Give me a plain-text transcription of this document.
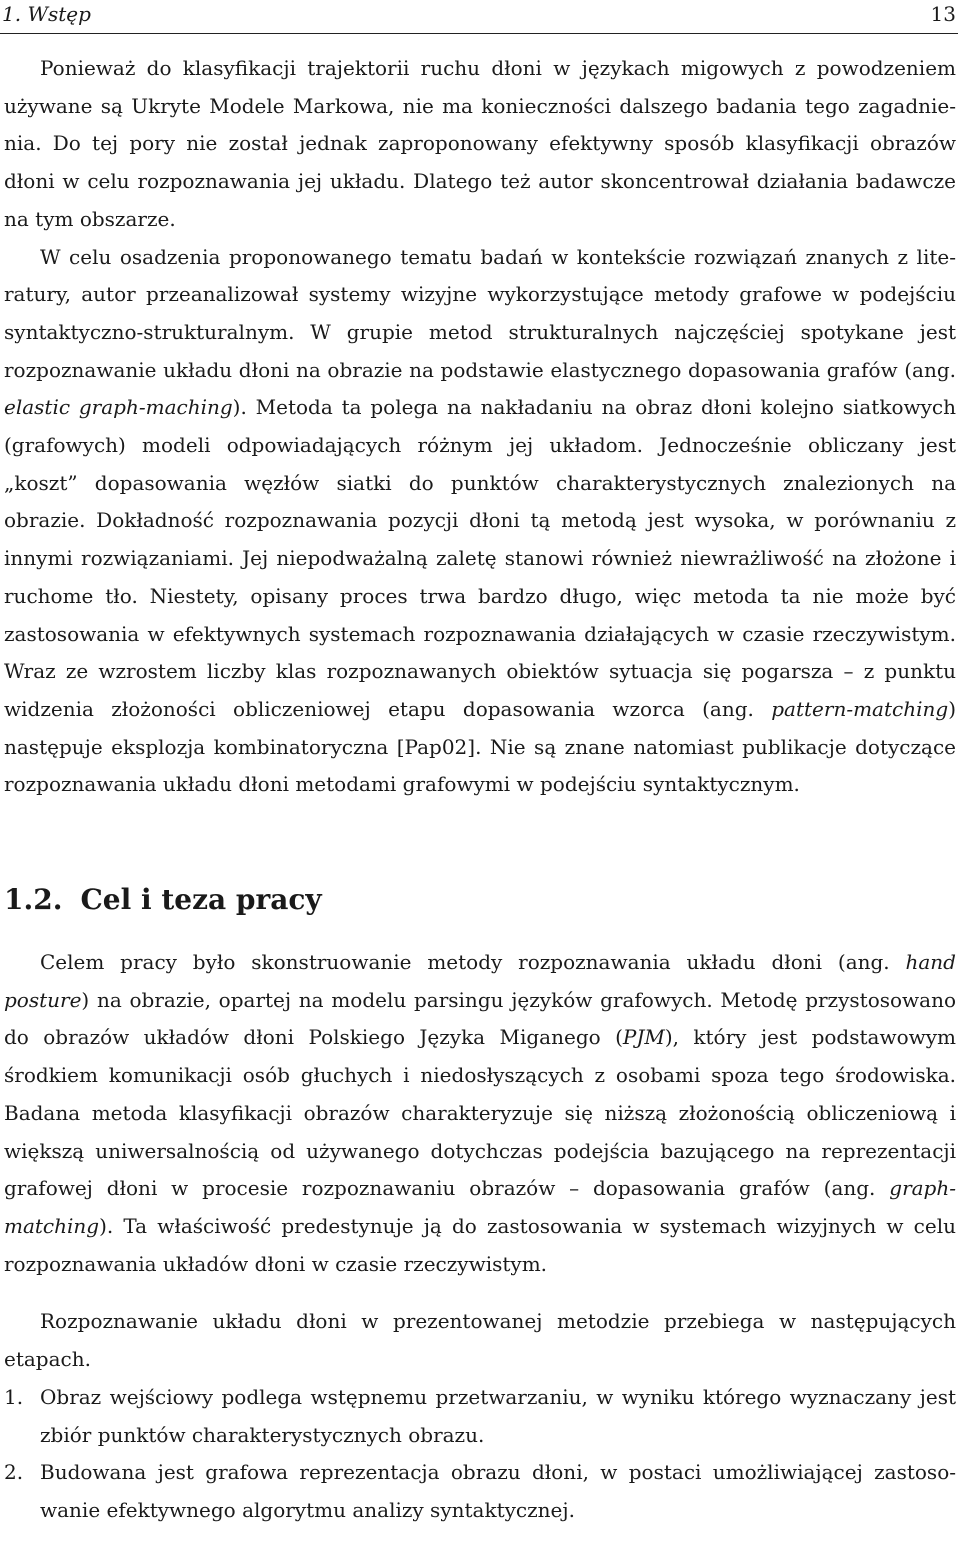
1. Wstęp	13

Ponieważ do klasyfikacji trajektorii ruchu dłoni w językach migowych z powodzeniem używane są Ukryte Modele Markowa, nie ma konieczności dalszego badania tego zagadnienia. Do tej pory nie został jednak zaproponowany efektywny sposób klasyfikacji obrazów dłoni w celu rozpoznawania jej układu. Dlatego też autor skoncentrował działania badawcze na tym obszarze.

W celu osadzenia proponowanego tematu badań w kontekście rozwiązań znanych z literatury, autor przeanalizował systemy wizyjne wykorzystujące metody grafowe w podejściu syntaktyczno-strukturalnym. W grupie metod strukturalnych najczęściej spotykane jest rozpoznawanie układu dłoni na obrazie na podstawie elastycznego dopasowania grafów (ang. elastic graph-maching). Metoda ta polega na nakładaniu na obraz dłoni kolejno siatkowych (grafowych) modeli odpowiadających różnym jej układom. Jednocześnie obliczany jest „koszt” dopasowania węzłów siatki do punktów charakterystycznych znalezionych na obrazie. Dokładność rozpoznawania pozycji dłoni tą metodą jest wysoka, w porównaniu z innymi rozwiązaniami. Jej niepodważalną zaletę stanowi również niewrażliwość na złożone i ruchome tło. Niestety, opisany proces trwa bardzo długo, więc metoda ta nie może być zastosowania w efektywnych systemach rozpoznawania działających w czasie rzeczywistym. Wraz ze wzrostem liczby klas rozpoznawanych obiektów sytuacja się pogarsza – z punktu widzenia złożoności obliczeniowej etapu dopasowania wzorca (ang. pattern-matching) następuje eksplozja kombinatoryczna [Pap02]. Nie są znane natomiast publikacje dotyczące rozpoznawania układu dłoni metodami grafowymi w podejściu syntaktycznym.

1.2. Cel i teza pracy

Celem pracy było skonstruowanie metody rozpoznawania układu dłoni (ang. hand posture) na obrazie, opartej na modelu parsingu języków grafowych. Metodę przystosowano do obrazów układów dłoni Polskiego Języka Miganego (PJM), który jest podstawowym środkiem komunikacji osób głuchych i niedosłyszących z osobami spoza tego środowiska. Badana metoda klasyfikacji obrazów charakteryzuje się niższą złożonością obliczeniową i większą uniwersalnością od używanego dotychczas podejścia bazującego na reprezentacji grafowej dłoni w procesie rozpoznawaniu obrazów – dopasowania grafów (ang. graph-matching). Ta właściwość predestynuje ją do zastosowania w systemach wizyjnych w celu rozpoznawania układów dłoni w czasie rzeczywistym.

Rozpoznawanie układu dłoni w prezentowanej metodzie przebiega w następujących etapach.

1. Obraz wejściowy podlega wstępnemu przetwarzaniu, w wyniku którego wyznaczany jest zbiór punktów charakterystycznych obrazu.
2. Budowana jest grafowa reprezentacja obrazu dłoni, w postaci umożliwiającej zastosowanie efektywnego algorytmu analizy syntaktycznej.
